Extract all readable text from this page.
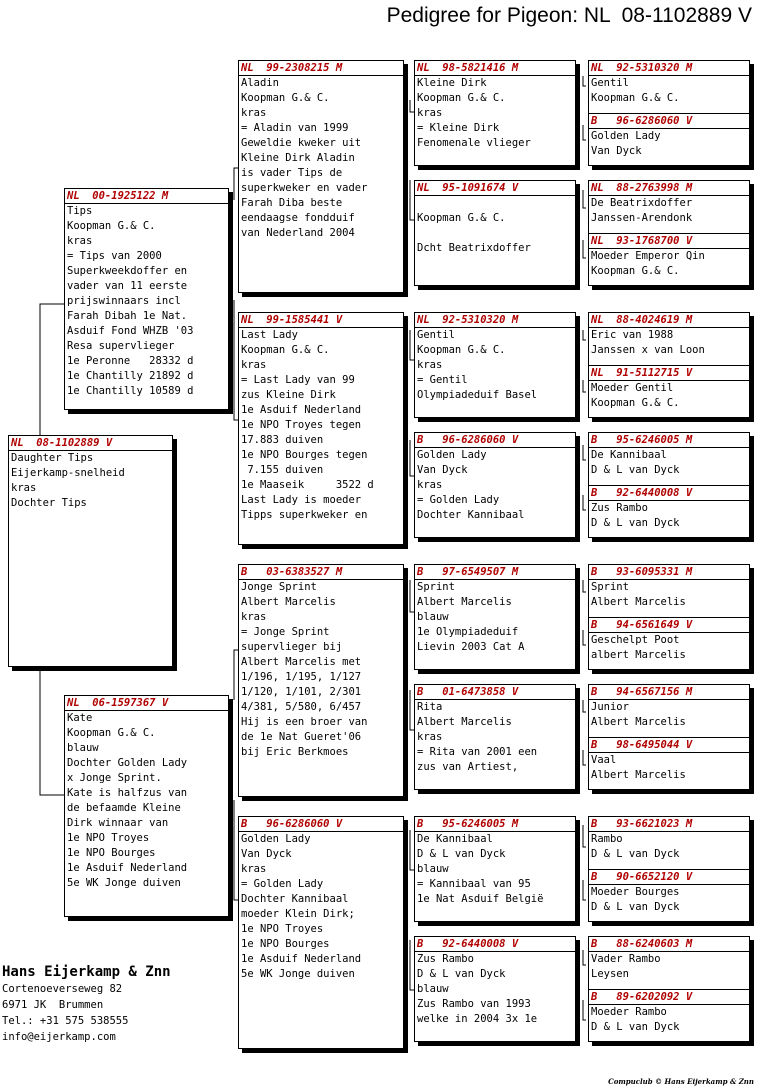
Pedigree for Pigeon: NL  08-1102889 V
NL  08-1102889 V
Daughter Tips
Eijerkamp-snelheid
kras
Dochter Tips
NL  00-1925122 M
Tips
Koopman G.& C.
kras
= Tips van 2000
Superkweekdoffer en
vader van 11 eerste
prijswinnaars incl
Farah Dibah 1e Nat.
Asduif Fond WHZB '03
Resa supervlieger
1e Peronne   28332 d
1e Chantilly 21892 d
1e Chantilly 10589 d
NL  06-1597367 V
Kate
Koopman G.& C.
blauw
Dochter Golden Lady
x Jonge Sprint.
Kate is halfzus van
de befaamde Kleine
Dirk winnaar van
1e NPO Troyes
1e NPO Bourges
1e Asduif Nederland
5e WK Jonge duiven
NL  99-2308215 M
Aladin
Koopman G.& C.
kras
= Aladin van 1999
Geweldie kweker uit
Kleine Dirk Aladin
is vader Tips de
superkweker en vader
Farah Diba beste
eendaagse fondduif
van Nederland 2004
NL  99-1585441 V
Last Lady
Koopman G.& C.
kras
= Last Lady van 99
zus Kleine Dirk
1e Asduif Nederland
1e NPO Troyes tegen
17.883 duiven
1e NPO Bourges tegen
7.155 duiven
1e Maaseik     3522 d
Last Lady is moeder
Tipps superkweker en
B   03-6383527 M
Jonge Sprint
Albert Marcelis
kras
= Jonge Sprint
supervlieger bij
Albert Marcelis met
1/196, 1/195, 1/127
1/120, 1/101, 2/301
4/381, 5/580, 6/457
Hij is een broer van
de 1e Nat Gueret'06
bij Eric Berkmoes
B   96-6286060 V
Golden Lady
Van Dyck
kras
= Golden Lady
Dochter Kannibaal
moeder Klein Dirk;
1e NPO Troyes
1e NPO Bourges
1e Asduif Nederland
5e WK Jonge duiven
NL  98-5821416 M
Kleine Dirk
Koopman G.& C.
kras
= Kleine Dirk
Fenomenale vlieger
NL  95-1091674 V
Koopman G.& C.
Dcht Beatrixdoffer
NL  92-5310320 M
Gentil
Koopman G.& C.
kras
= Gentil
Olympiadeduif Basel
B   96-6286060 V
Golden Lady
Van Dyck
kras
= Golden Lady
Dochter Kannibaal
B   97-6549507 M
Sprint
Albert Marcelis
blauw
1e Olympiadeduif
Lievin 2003 Cat A
B   01-6473858 V
Rita
Albert Marcelis
kras
= Rita van 2001 een
zus van Artiest,
B   95-6246005 M
De Kannibaal
D & L van Dyck
blauw
= Kannibaal van 95
1e Nat Asduif België
B   92-6440008 V
Zus Rambo
D & L van Dyck
blauw
Zus Rambo van 1993
welke in 2004 3x 1e
NL  92-5310320 M
Gentil
Koopman G.& C.
B   96-6286060 V
Golden Lady
Van Dyck
NL  88-2763998 M
De Beatrixdoffer
Janssen-Arendonk
NL  93-1768700 V
Moeder Emperor Qin
Koopman G.& C.
NL  88-4024619 M
Eric van 1988
Janssen x van Loon
NL  91-5112715 V
Moeder Gentil
Koopman G.& C.
B   95-6246005 M
De Kannibaal
D & L van Dyck
B   92-6440008 V
Zus Rambo
D & L van Dyck
B   93-6095331 M
Sprint
Albert Marcelis
B   94-6561649 V
Geschelpt Poot
albert Marcelis
B   94-6567156 M
Junior
Albert Marcelis
B   98-6495044 V
Vaal
Albert Marcelis
B   93-6621023 M
Rambo
D & L van Dyck
B   90-6652120 V
Moeder Bourges
D & L van Dyck
B   88-6240603 M
Vader Rambo
Leysen
B   89-6202092 V
Moeder Rambo
D & L van Dyck
Hans Eijerkamp & Znn
Cortenoeverseweg 82
6971 JK  Brummen
Tel.: +31 575 538555
info@eijerkamp.com
Compuclub © Hans Eijerkamp & Znn
